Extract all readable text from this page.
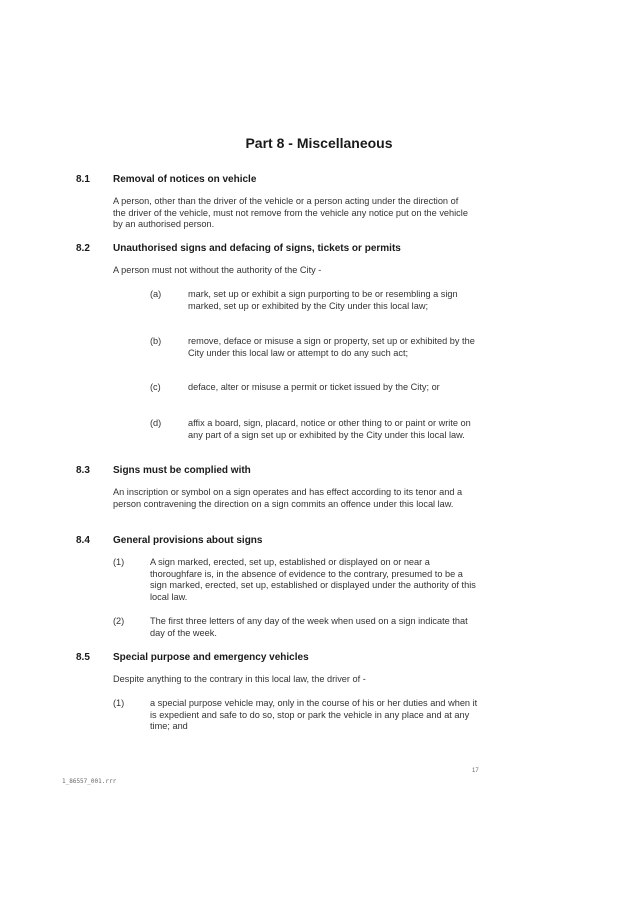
Part 8 - Miscellaneous
8.1 Removal of notices on vehicle
A person, other than the driver of the vehicle or a person acting under the direction of the driver of the vehicle, must not remove from the vehicle any notice put on the vehicle by an authorised person.
8.2 Unauthorised signs and defacing of signs, tickets or permits
A person must not without the authority of the City -
(a)	mark, set up or exhibit a sign purporting to be or resembling a sign marked, set up or exhibited by the City under this local law;
(b)	remove, deface or misuse a sign or property, set up or exhibited by the City under this local law or attempt to do any such act;
(c)	deface, alter or misuse a permit or ticket issued by the City; or
(d)	affix a board, sign, placard, notice or other thing to or paint or write on any part of a sign set up or exhibited by the City under this local law.
8.3 Signs must be complied with
An inscription or symbol on a sign operates and has effect according to its tenor and a person contravening the direction on a sign commits an offence under this local law.
8.4 General provisions about signs
(1)	A sign marked, erected, set up, established or displayed on or near a thoroughfare is, in the absence of evidence to the contrary, presumed to be a sign marked, erected, set up, established or displayed under the authority of this local law.
(2)	The first three letters of any day of the week when used on a sign indicate that day of the week.
8.5 Special purpose and emergency vehicles
Despite anything to the contrary in this local law, the driver of -
(1)	a special purpose vehicle may, only in the course of his or her duties and when it is expedient and safe to do so, stop or park the vehicle in any place and at any time; and
17
1_86557_001.rrr
